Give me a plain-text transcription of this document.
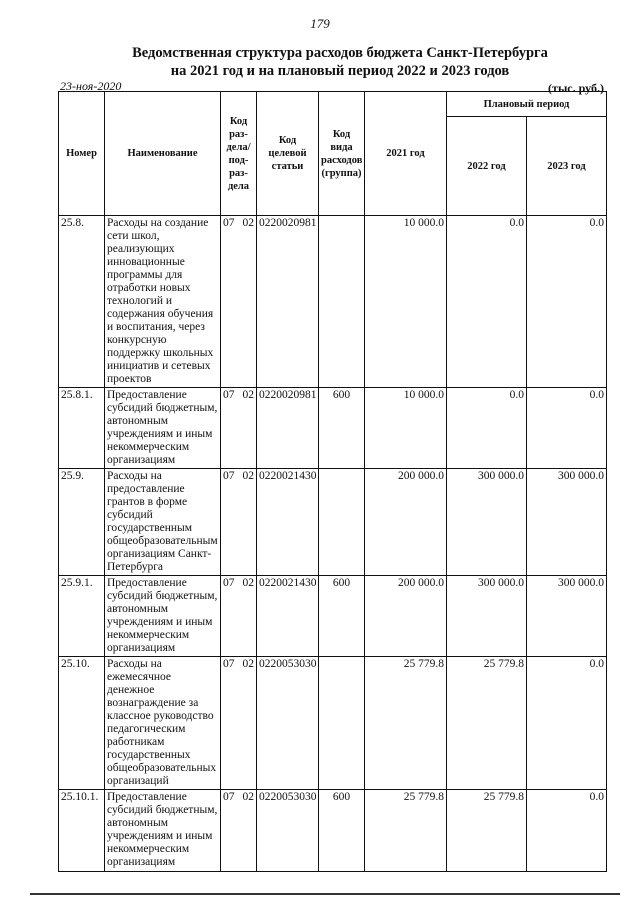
179
Ведомственная структура расходов бюджета Санкт-Петербурга
на 2021 год и на плановый период 2022 и 2023 годов
23-ноя-2020	(тыс. руб.)
Номер	Наименование	Код раз-дела/ под-раз-дела	Код целевой статьи	Код вида расходов (группа)	2021 год	Плановый период	
						2022 год	2023 год
25.8.	Расходы на создание сети школ, реализующих инновационные программы для отработки новых технологий и содержания обучения и воспитания, через конкурсную поддержку школьных инициатив и сетевых проектов	07 02	0220020981		10 000.0	0.0	0.0
25.8.1.	Предоставление субсидий бюджетным, автономным учреждениям и иным некоммерческим организациям	07 02	0220020981	600	10 000.0	0.0	0.0
25.9.	Расходы на предоставление грантов в форме субсидий государственным общеобразовательным организациям Санкт-Петербурга	07 02	0220021430		200 000.0	300 000.0	300 000.0
25.9.1.	Предоставление субсидий бюджетным, автономным учреждениям и иным некоммерческим организациям	07 02	0220021430	600	200 000.0	300 000.0	300 000.0
25.10.	Расходы на ежемесячное денежное вознаграждение за классное руководство педагогическим работникам государственных общеобразовательных организаций	07 02	0220053030		25 779.8	25 779.8	0.0
25.10.1.	Предоставление субсидий бюджетным, автономным учреждениям и иным некоммерческим организациям	07 02	0220053030	600	25 779.8	25 779.8	0.0
